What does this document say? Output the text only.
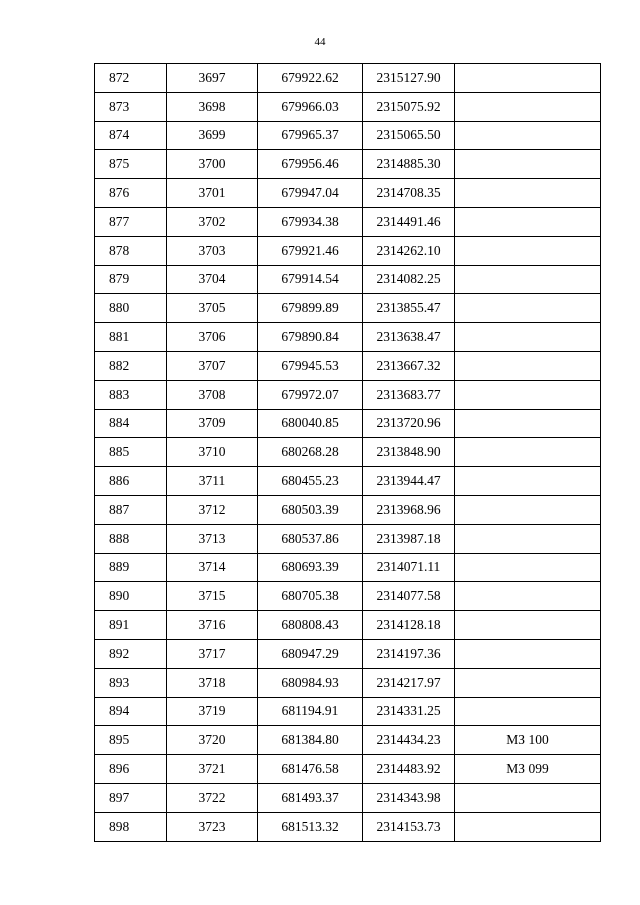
44
872	3697	679922.62	2315127.90	
873	3698	679966.03	2315075.92	
874	3699	679965.37	2315065.50	
875	3700	679956.46	2314885.30	
876	3701	679947.04	2314708.35	
877	3702	679934.38	2314491.46	
878	3703	679921.46	2314262.10	
879	3704	679914.54	2314082.25	
880	3705	679899.89	2313855.47	
881	3706	679890.84	2313638.47	
882	3707	679945.53	2313667.32	
883	3708	679972.07	2313683.77	
884	3709	680040.85	2313720.96	
885	3710	680268.28	2313848.90	
886	3711	680455.23	2313944.47	
887	3712	680503.39	2313968.96	
888	3713	680537.86	2313987.18	
889	3714	680693.39	2314071.11	
890	3715	680705.38	2314077.58	
891	3716	680808.43	2314128.18	
892	3717	680947.29	2314197.36	
893	3718	680984.93	2314217.97	
894	3719	681194.91	2314331.25	
895	3720	681384.80	2314434.23	МЗ 100
896	3721	681476.58	2314483.92	МЗ 099
897	3722	681493.37	2314343.98	
898	3723	681513.32	2314153.73	
